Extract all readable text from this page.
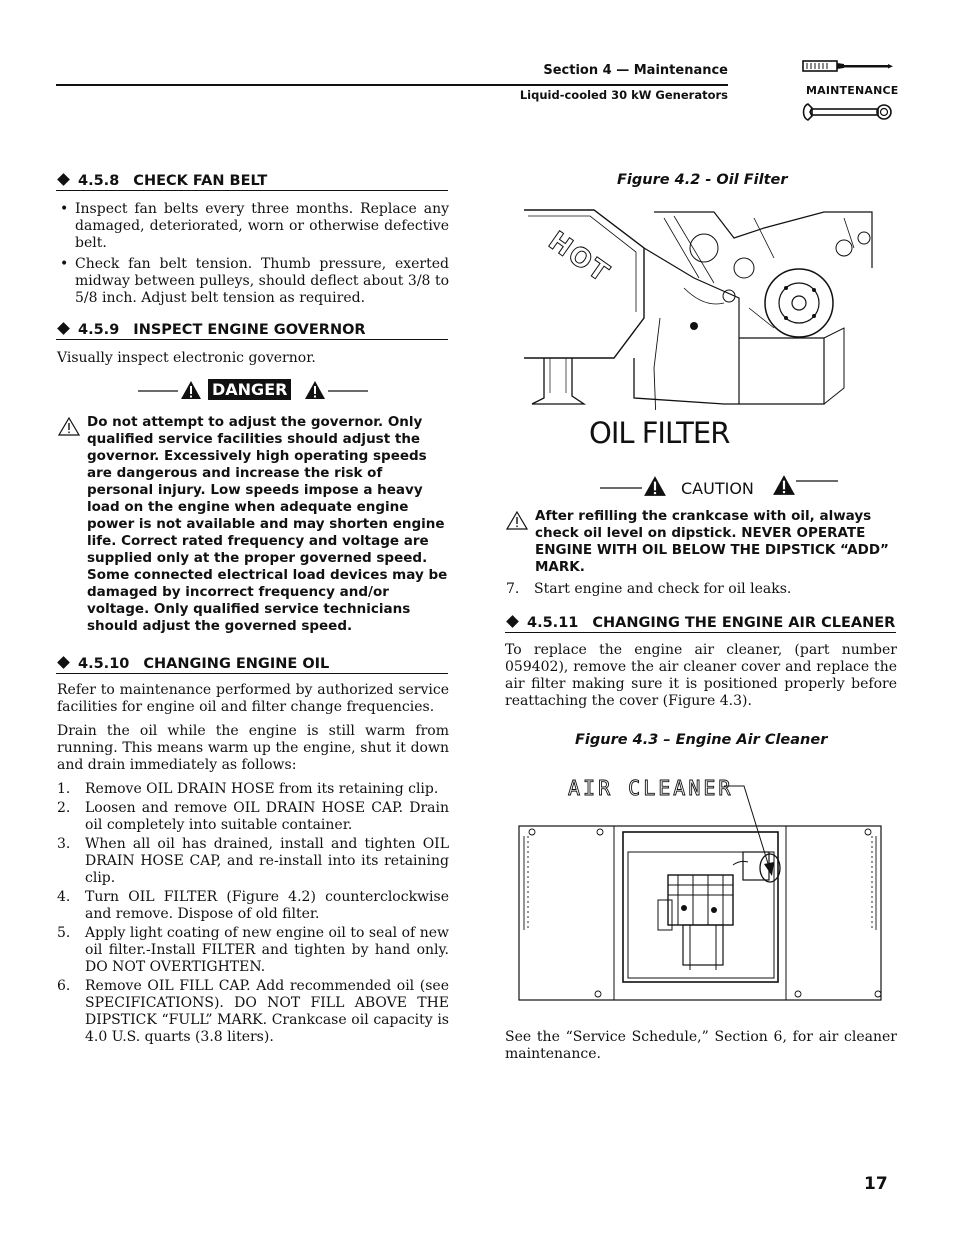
Section 4 — Maintenance
Liquid-cooled 30 kW Generators	MAINTENANCE
4.5.8 CHECK FAN BELT
• Inspect fan belts every three months. Replace any damaged, deteriorated, worn or otherwise defective belt.
• Check fan belt tension. Thumb pressure, exerted midway between pulleys, should deflect about 3/8 to 5/8 inch. Adjust belt tension as required.
4.5.9 INSPECT ENGINE GOVERNOR
Visually inspect electronic governor.
DANGER
Do not attempt to adjust the governor. Only qualified service facilities should adjust the governor. Excessively high operating speeds are dangerous and increase the risk of personal injury. Low speeds impose a heavy load on the engine when adequate engine power is not available and may shorten engine life. Correct rated frequency and voltage are supplied only at the proper governed speed. Some connected electrical load devices may be damaged by incorrect frequency and/or voltage. Only qualified service technicians should adjust the governed speed.
4.5.10 CHANGING ENGINE OIL

Refer to maintenance performed by authorized service facilities for engine oil and filter change frequencies.

Drain the oil while the engine is still warm from running. This means warm up the engine, shut it down and drain immediately as follows:

1. Remove OIL DRAIN HOSE from its retaining clip.
2. Loosen and remove OIL DRAIN HOSE CAP. Drain oil completely into suitable container.
3. When all oil has drained, install and tighten OIL DRAIN HOSE CAP, and re-install into its retaining clip.
4. Turn OIL FILTER (Figure 4.2) counterclockwise and remove. Dispose of old filter.
5. Apply light coating of new engine oil to seal of new oil filter.-Install FILTER and tighten by hand only. DO NOT OVERTIGHTEN.
6. Remove OIL FILL CAP. Add recommended oil (see SPECIFICATIONS). DO NOT FILL ABOVE THE DIPSTICK “FULL” MARK. Crankcase oil capacity is 4.0 U.S. quarts (3.8 liters).
Figure 4.2 - Oil Filter
HOT
OIL FILTER
CAUTION
After refilling the crankcase with oil, always check oil level on dipstick. NEVER OPERATE ENGINE WITH OIL BELOW THE DIPSTICK “ADD” MARK.
7. Start engine and check for oil leaks.
4.5.11 CHANGING THE ENGINE AIR CLEANER
To replace the engine air cleaner, (part number 059402), remove the air cleaner cover and replace the air filter making sure it is positioned properly before reattaching the cover (Figure 4.3).
Figure 4.3 – Engine Air Cleaner
AIR CLEANER
See the “Service Schedule,” Section 6, for air cleaner maintenance.
17
